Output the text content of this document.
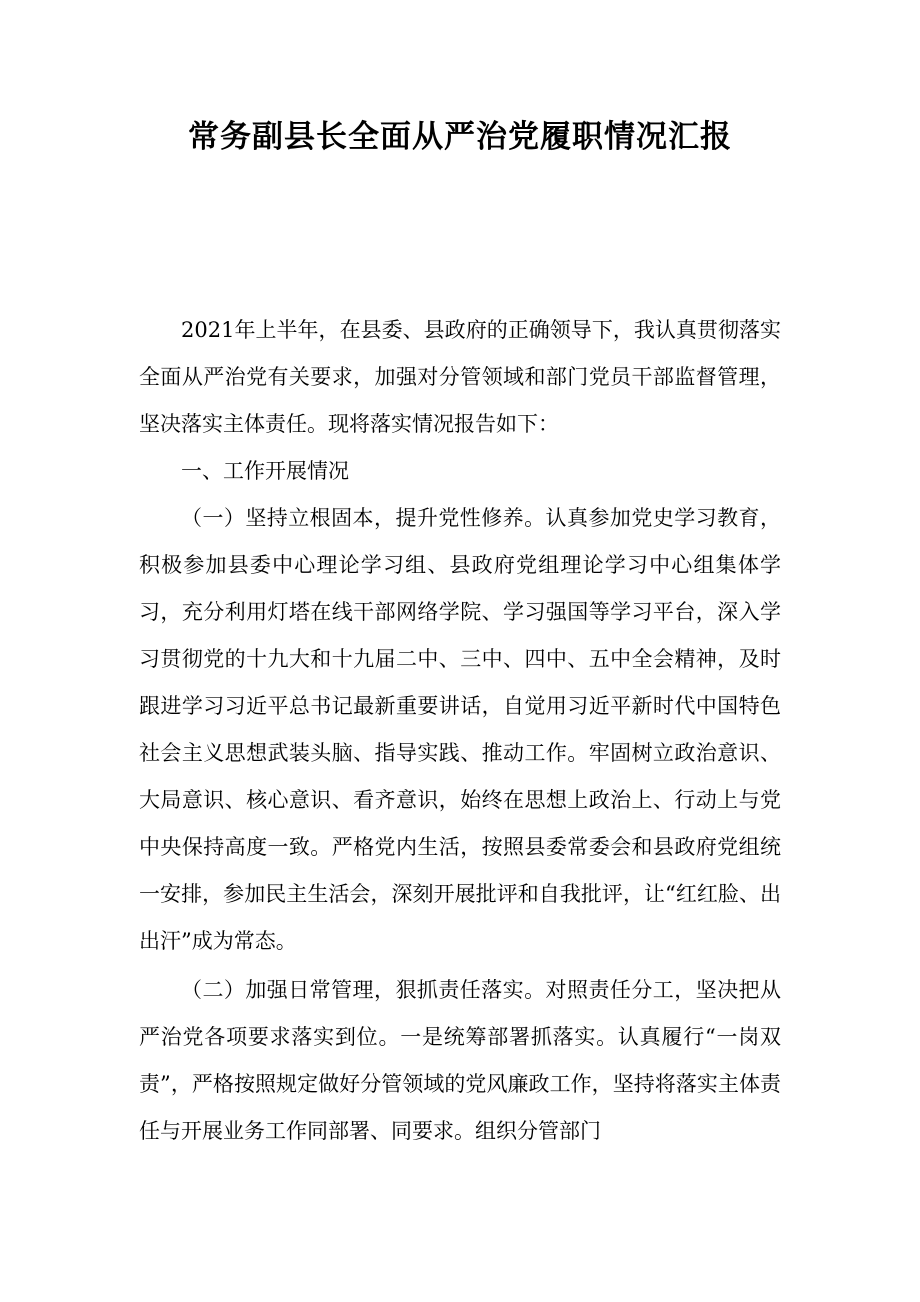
常务副县长全面从严治党履职情况汇报

2021年上半年，在县委、县政府的正确领导下，我认真贯彻落实全面从严治党有关要求，加强对分管领域和部门党员干部监督管理，坚决落实主体责任。现将落实情况报告如下：

一、工作开展情况

（一）坚持立根固本，提升党性修养。认真参加党史学习教育，积极参加县委中心理论学习组、县政府党组理论学习中心组集体学习，充分利用灯塔在线干部网络学院、学习强国等学习平台，深入学习贯彻党的十九大和十九届二中、三中、四中、五中全会精神，及时跟进学习习近平总书记最新重要讲话，自觉用习近平新时代中国特色社会主义思想武装头脑、指导实践、推动工作。牢固树立政治意识、大局意识、核心意识、看齐意识，始终在思想上政治上、行动上与党中央保持高度一致。严格党内生活，按照县委常委会和县政府党组统一安排，参加民主生活会，深刻开展批评和自我批评，让“红红脸、出出汗”成为常态。

（二）加强日常管理，狠抓责任落实。对照责任分工，坚决把从严治党各项要求落实到位。一是统筹部署抓落实。认真履行“一岗双责”，严格按照规定做好分管领域的党风廉政工作，坚持将落实主体责任与开展业务工作同部署、同要求。组织分管部门
